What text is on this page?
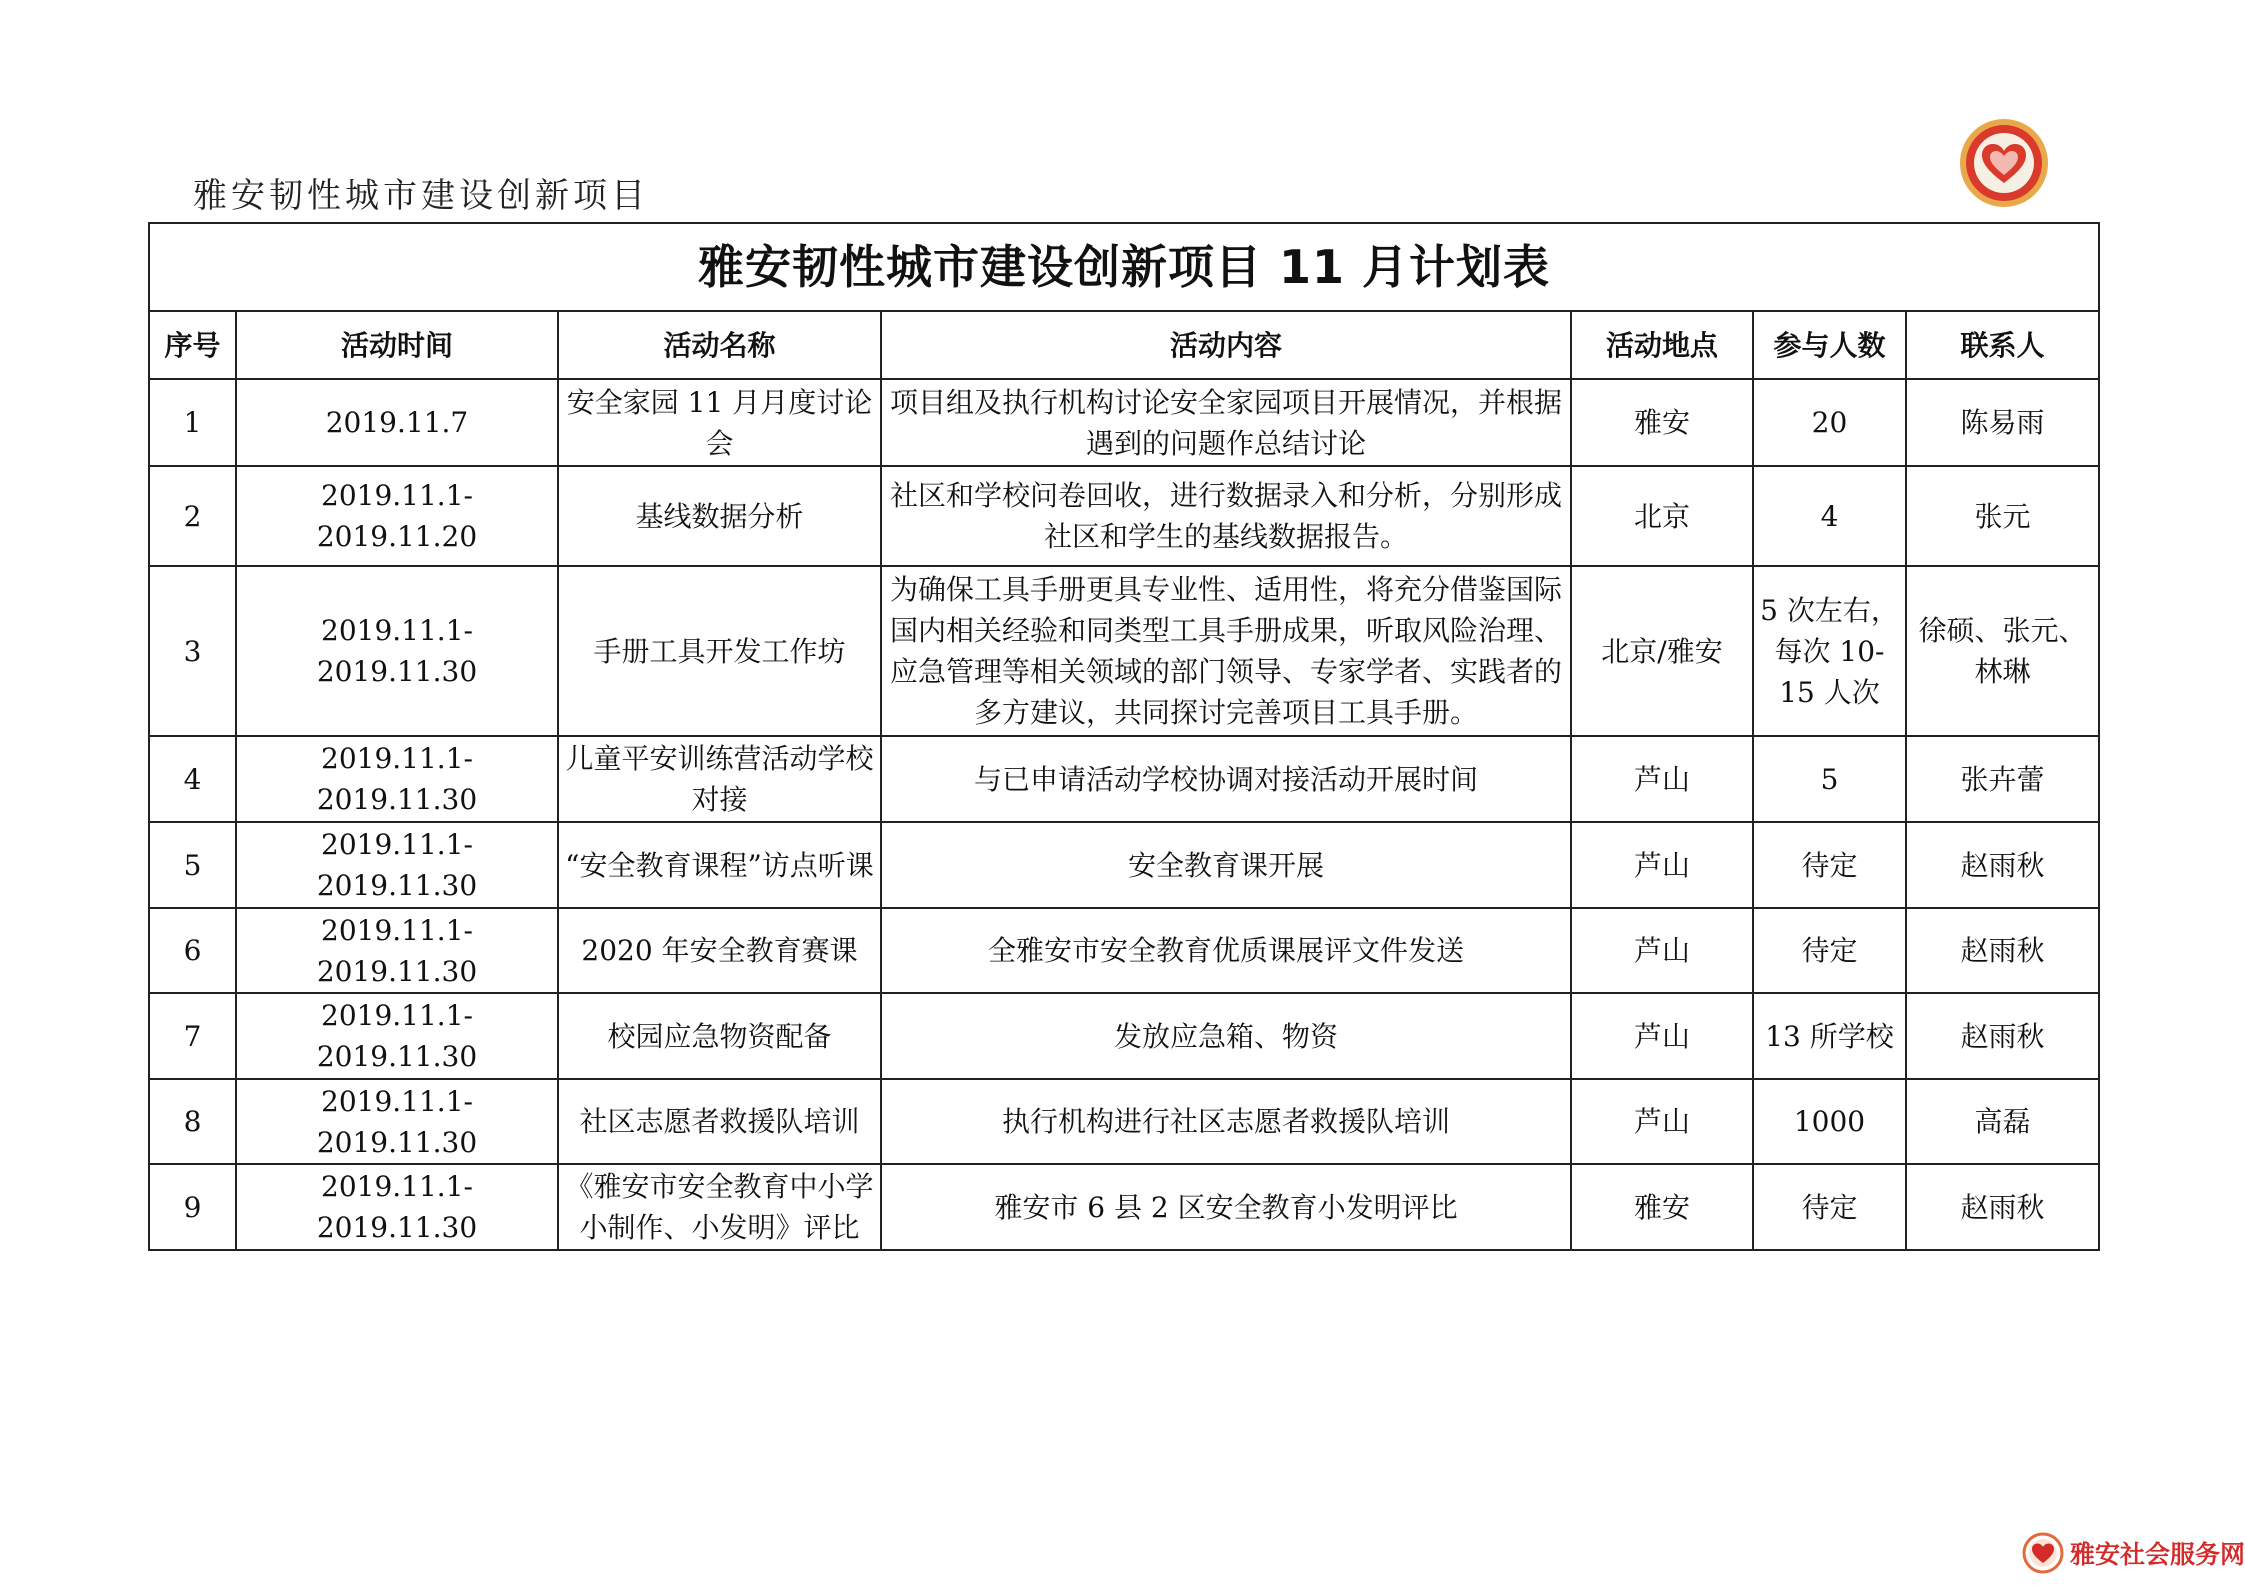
雅安韧性城市建设创新项目
雅安韧性城市建设创新项目 11 月计划表						
序号	活动时间	活动名称	活动内容	活动地点	参与人数	联系人
1	2019.11.7	安全家园 11 月月度讨论会	项目组及执行机构讨论安全家园项目开展情况，并根据遇到的问题作总结讨论	雅安	20	陈易雨
2	2019.11.1-2019.11.20	基线数据分析	社区和学校问卷回收，进行数据录入和分析，分别形成社区和学生的基线数据报告。	北京	4	张元
3	2019.11.1-2019.11.30	手册工具开发工作坊	为确保工具手册更具专业性、适用性，将充分借鉴国际国内相关经验和同类型工具手册成果，听取风险治理、应急管理等相关领域的部门领导、专家学者、实践者的多方建议，共同探讨完善项目工具手册。	北京/雅安	5 次左右，每次 10-15 人次	徐硕、张元、林琳
4	2019.11.1-2019.11.30	儿童平安训练营活动学校对接	与已申请活动学校协调对接活动开展时间	芦山	5	张卉蕾
5	2019.11.1-2019.11.30	“安全教育课程”访点听课	安全教育课开展	芦山	待定	赵雨秋
6	2019.11.1-2019.11.30	2020 年安全教育赛课	全雅安市安全教育优质课展评文件发送	芦山	待定	赵雨秋
7	2019.11.1-2019.11.30	校园应急物资配备	发放应急箱、物资	芦山	13 所学校	赵雨秋
8	2019.11.1-2019.11.30	社区志愿者救援队培训	执行机构进行社区志愿者救援队培训	芦山	1000	高磊
9	2019.11.1-2019.11.30	《雅安市安全教育中小学小制作、小发明》评比	雅安市 6 县 2 区安全教育小发明评比	雅安	待定	赵雨秋
雅安社会服务网
